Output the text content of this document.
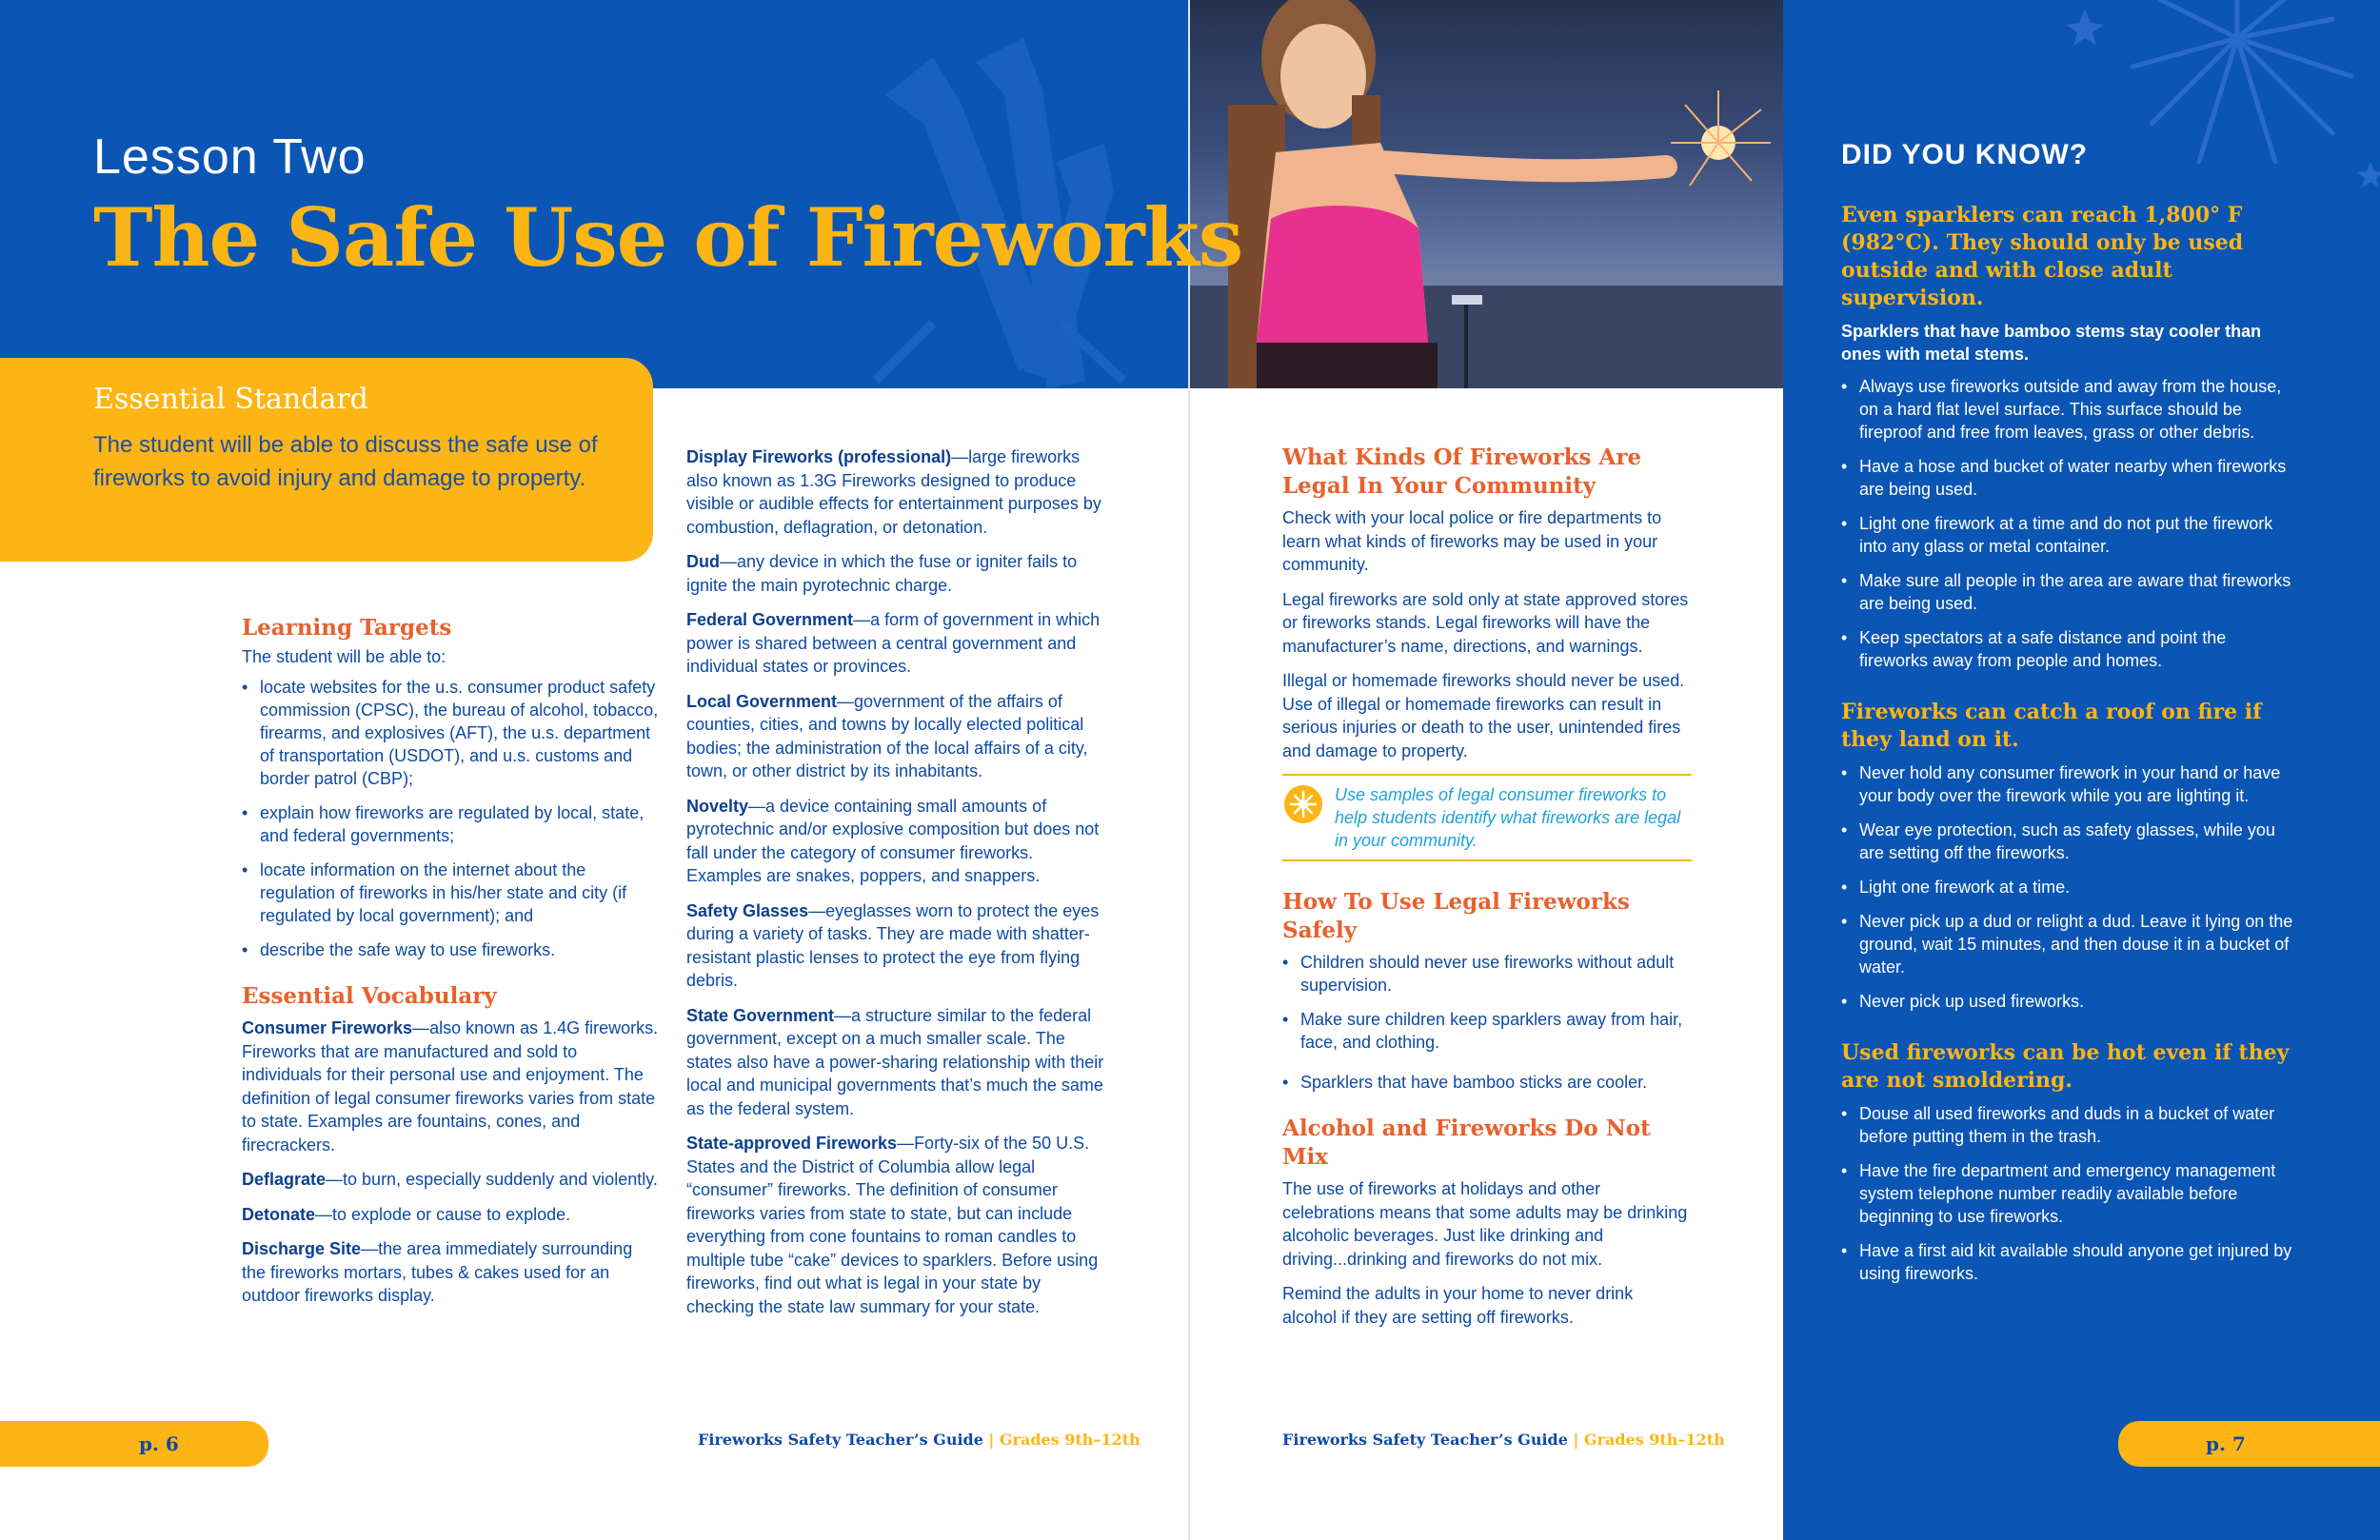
Lesson Two
The Safe Use of Fireworks
Essential Standard
The student will be able to discuss the safe use of fireworks to avoid injury and damage to property.
Learning Targets
The student will be able to:
• locate websites for the u.s. consumer product safety commission (CPSC), the bureau of alcohol, tobacco, firearms, and explosives (AFT), the u.s. department of transportation (USDOT), and u.s. customs and border patrol (CBP);
• explain how fireworks are regulated by local, state, and federal governments;
• locate information on the internet about the regulation of fireworks in his/her state and city (if regulated by local government); and
• describe the safe way to use fireworks.
Essential Vocabulary

Consumer Fireworks—also known as 1.4G fireworks. Fireworks that are manufactured and sold to individuals for their personal use and enjoyment. The definition of legal consumer fireworks varies from state to state. Examples are fountains, cones, and firecrackers.

Deflagrate—to burn, especially suddenly and violently.

Detonate—to explode or cause to explode.

Discharge Site—the area immediately surrounding the fireworks mortars, tubes & cakes used for an outdoor fireworks display.

Display Fireworks (professional)—large fireworks also known as 1.3G Fireworks designed to produce visible or audible effects for entertainment purposes by combustion, deflagration, or detonation.

Dud—any device in which the fuse or igniter fails to ignite the main pyrotechnic charge.

Federal Government—a form of government in which power is shared between a central government and individual states or provinces.

Local Government—government of the affairs of counties, cities, and towns by locally elected political bodies; the administration of the local affairs of a city, town, or other district by its inhabitants.

Novelty—a device containing small amounts of pyrotechnic and/or explosive composition but does not fall under the category of consumer fireworks. Examples are snakes, poppers, and snappers.

Safety Glasses—eyeglasses worn to protect the eyes during a variety of tasks. They are made with shatter-resistant plastic lenses to protect the eye from flying debris.

State Government—a structure similar to the federal government, except on a much smaller scale. The states also have a power-sharing relationship with their local and municipal governments that’s much the same as the federal system.

State-approved Fireworks—Forty-six of the 50 U.S. States and the District of Columbia allow legal “consumer” fireworks. The definition of consumer fireworks varies from state to state, but can include everything from cone fountains to roman candles to multiple tube “cake” devices to sparklers. Before using fireworks, find out what is legal in your state by checking the state law summary for your state.

What Kinds Of Fireworks Are Legal In Your Community

Check with your local police or fire departments to learn what kinds of fireworks may be used in your community.

Legal fireworks are sold only at state approved stores or fireworks stands. Legal fireworks will have the manufacturer’s name, directions, and warnings.

Illegal or homemade fireworks should never be used. Use of illegal or homemade fireworks can result in serious injuries or death to the user, unintended fires and damage to property.

Use samples of legal consumer fireworks to help students identify what fireworks are legal in your community.
How To Use Legal Fireworks Safely
• Children should never use fireworks without adult supervision.
• Make sure children keep sparklers away from hair, face, and clothing.
• Sparklers that have bamboo sticks are cooler.
Alcohol and Fireworks Do Not Mix

The use of fireworks at holidays and other celebrations means that some adults may be drinking alcoholic beverages. Just like drinking and driving...drinking and fireworks do not mix.

Remind the adults in your home to never drink alcohol if they are setting off fireworks.

DID YOU KNOW?
Even sparklers can reach 1,800° F (982°C). They should only be used outside and with close adult supervision.
Sparklers that have bamboo stems stay cooler than ones with metal stems.
• Always use fireworks outside and away from the house, on a hard flat level surface. This surface should be fireproof and free from leaves, grass or other debris.
• Have a hose and bucket of water nearby when fireworks are being used.
• Light one firework at a time and do not put the firework into any glass or metal container.
• Make sure all people in the area are aware that fireworks are being used.
• Keep spectators at a safe distance and point the fireworks away from people and homes.
Fireworks can catch a roof on fire if they land on it.
• Never hold any consumer firework in your hand or have your body over the firework while you are lighting it.
• Wear eye protection, such as safety glasses, while you are setting off the fireworks.
• Light one firework at a time.
• Never pick up a dud or relight a dud. Leave it lying on the ground, wait 15 minutes, and then douse it in a bucket of water.
• Never pick up used fireworks.
Used fireworks can be hot even if they are not smoldering.
• Douse all used fireworks and duds in a bucket of water before putting them in the trash.
• Have the fire department and emergency management system telephone number readily available before beginning to use fireworks.
• Have a first aid kit available should anyone get injured by using fireworks.
p. 6	p. 7
Fireworks Safety Teacher’s Guide | Grades 9th–12th	Fireworks Safety Teacher’s Guide | Grades 9th–12th
